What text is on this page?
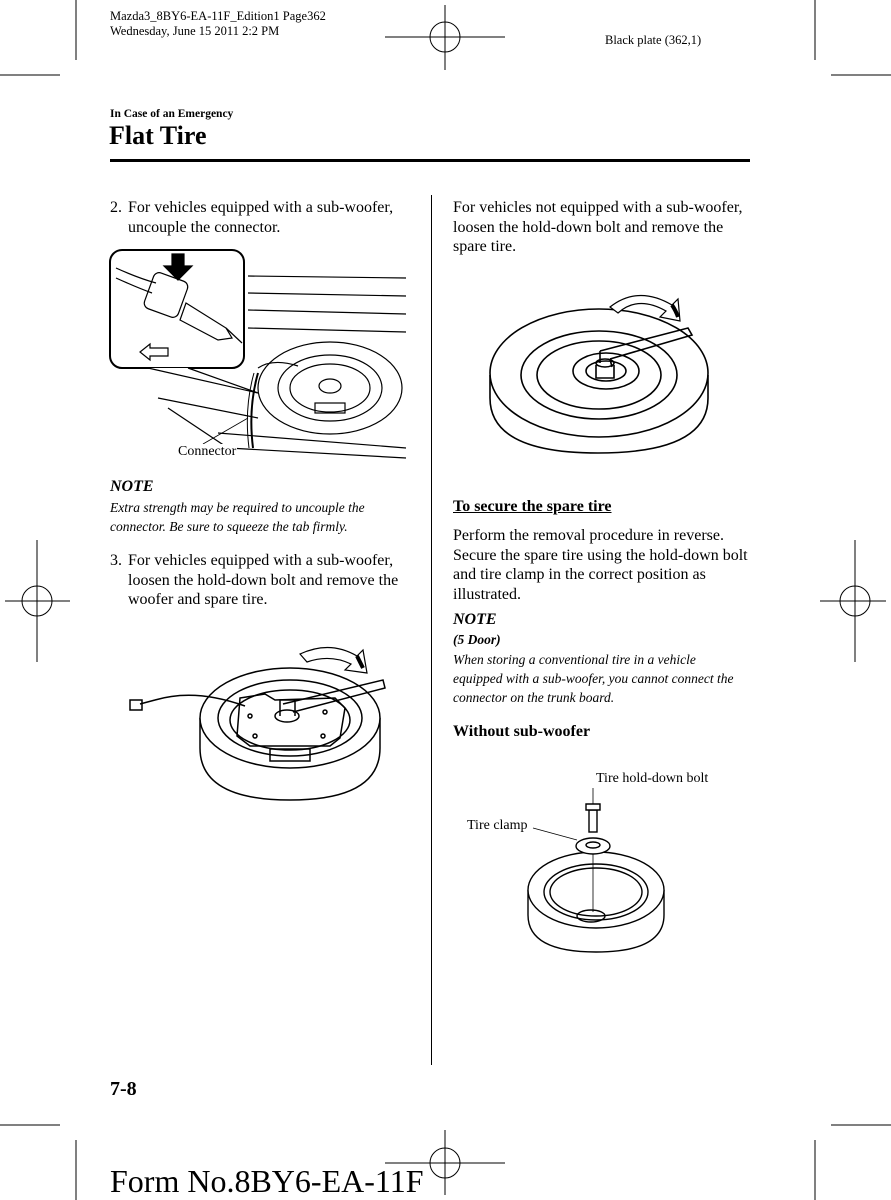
Mazda3_8BY6-EA-11F_Edition1 Page362
Wednesday, June 15 2011 2:2 PM
Black plate (362,1)
In Case of an Emergency
Flat Tire
2. For vehicles equipped with a sub-woofer, uncouple the connector.
Connector
NOTE
Extra strength may be required to uncouple the connector. Be sure to squeeze the tab firmly.
3. For vehicles equipped with a sub-woofer, loosen the hold-down bolt and remove the woofer and spare tire.
For vehicles not equipped with a sub-woofer, loosen the hold-down bolt and remove the spare tire.
To secure the spare tire
Perform the removal procedure in reverse. Secure the spare tire using the hold-down bolt and tire clamp in the correct position as illustrated.
NOTE
(5 Door)
When storing a conventional tire in a vehicle equipped with a sub-woofer, you cannot connect the connector on the trunk board.
Without sub-woofer
Tire hold-down bolt
Tire clamp
7-8
Form No.8BY6-EA-11F
